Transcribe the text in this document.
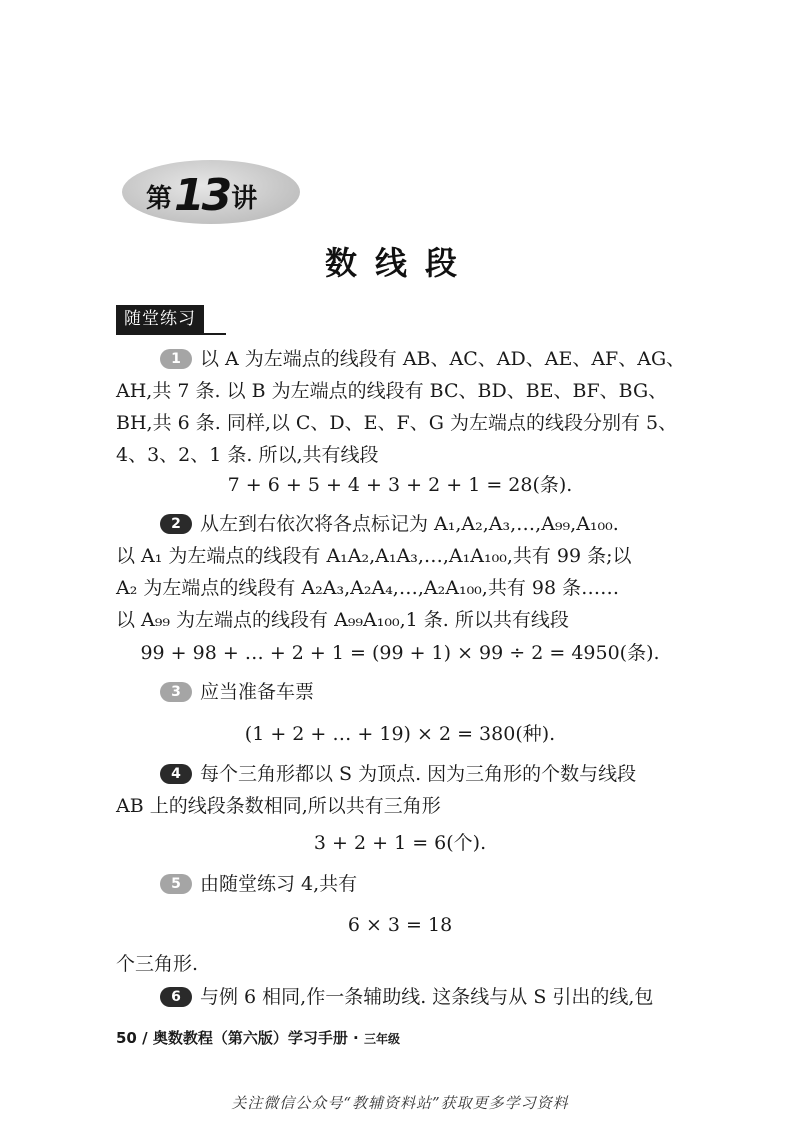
第 13 讲
数线段
随堂练习
1 以 A 为左端点的线段有 AB、AC、AD、AE、AF、AG、
AH,共 7 条. 以 B 为左端点的线段有 BC、BD、BE、BF、BG、
BH,共 6 条. 同样,以 C、D、E、F、G 为左端点的线段分别有 5、
4、3、2、1 条. 所以,共有线段
7 + 6 + 5 + 4 + 3 + 2 + 1 = 28(条).
2 从左到右依次将各点标记为 A₁,A₂,A₃,…,A₉₉,A₁₀₀.
以 A₁ 为左端点的线段有 A₁A₂,A₁A₃,…,A₁A₁₀₀,共有 99 条;以
A₂ 为左端点的线段有 A₂A₃,A₂A₄,…,A₂A₁₀₀,共有 98 条……
以 A₉₉ 为左端点的线段有 A₉₉A₁₀₀,1 条. 所以共有线段
99 + 98 + … + 2 + 1 = (99 + 1) × 99 ÷ 2 = 4950(条).
3 应当准备车票
(1 + 2 + … + 19) × 2 = 380(种).
4 每个三角形都以 S 为顶点. 因为三角形的个数与线段
AB 上的线段条数相同,所以共有三角形
3 + 2 + 1 = 6(个).
5 由随堂练习 4,共有
6 × 3 = 18
个三角形.
6 与例 6 相同,作一条辅助线. 这条线与从 S 引出的线,包
50 / 奥数教程（第六版）学习手册 · 三年级
关注微信公众号“教辅资料站”获取更多学习资料
